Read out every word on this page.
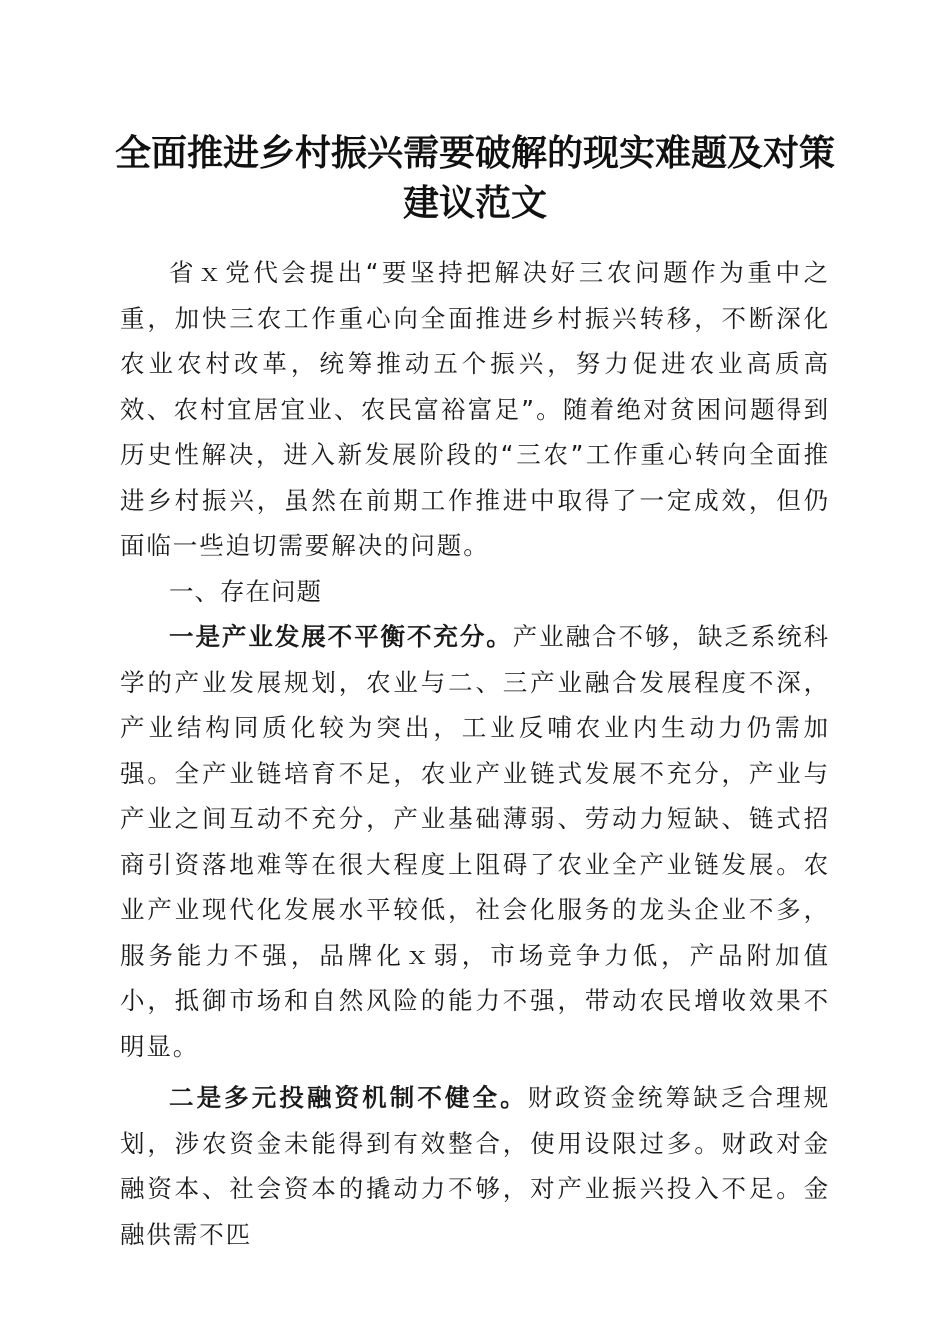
全面推进乡村振兴需要破解的现实难题及对策
建议范文

省ｘ党代会提出“要坚持把解决好三农问题作为重中之重，加快三农工作重心向全面推进乡村振兴转移，不断深化农业农村改革，统筹推动五个振兴，努力促进农业高质高效、农村宜居宜业、农民富裕富足”。随着绝对贫困问题得到历史性解决，进入新发展阶段的“三农”工作重心转向全面推进乡村振兴，虽然在前期工作推进中取得了一定成效，但仍面临一些迫切需要解决的问题。

一、存在问题

一是产业发展不平衡不充分。产业融合不够，缺乏系统科学的产业发展规划，农业与二、三产业融合发展程度不深，产业结构同质化较为突出，工业反哺农业内生动力仍需加强。全产业链培育不足，农业产业链式发展不充分，产业与产业之间互动不充分，产业基础薄弱、劳动力短缺、链式招商引资落地难等在很大程度上阻碍了农业全产业链发展。农业产业现代化发展水平较低，社会化服务的龙头企业不多，服务能力不强，品牌化ｘ弱，市场竞争力低，产品附加值小，抵御市场和自然风险的能力不强，带动农民增收效果不明显。

二是多元投融资机制不健全。财政资金统筹缺乏合理规划，涉农资金未能得到有效整合，使用设限过多。财政对金融资本、社会资本的撬动力不够，对产业振兴投入不足。金融供需不匹
